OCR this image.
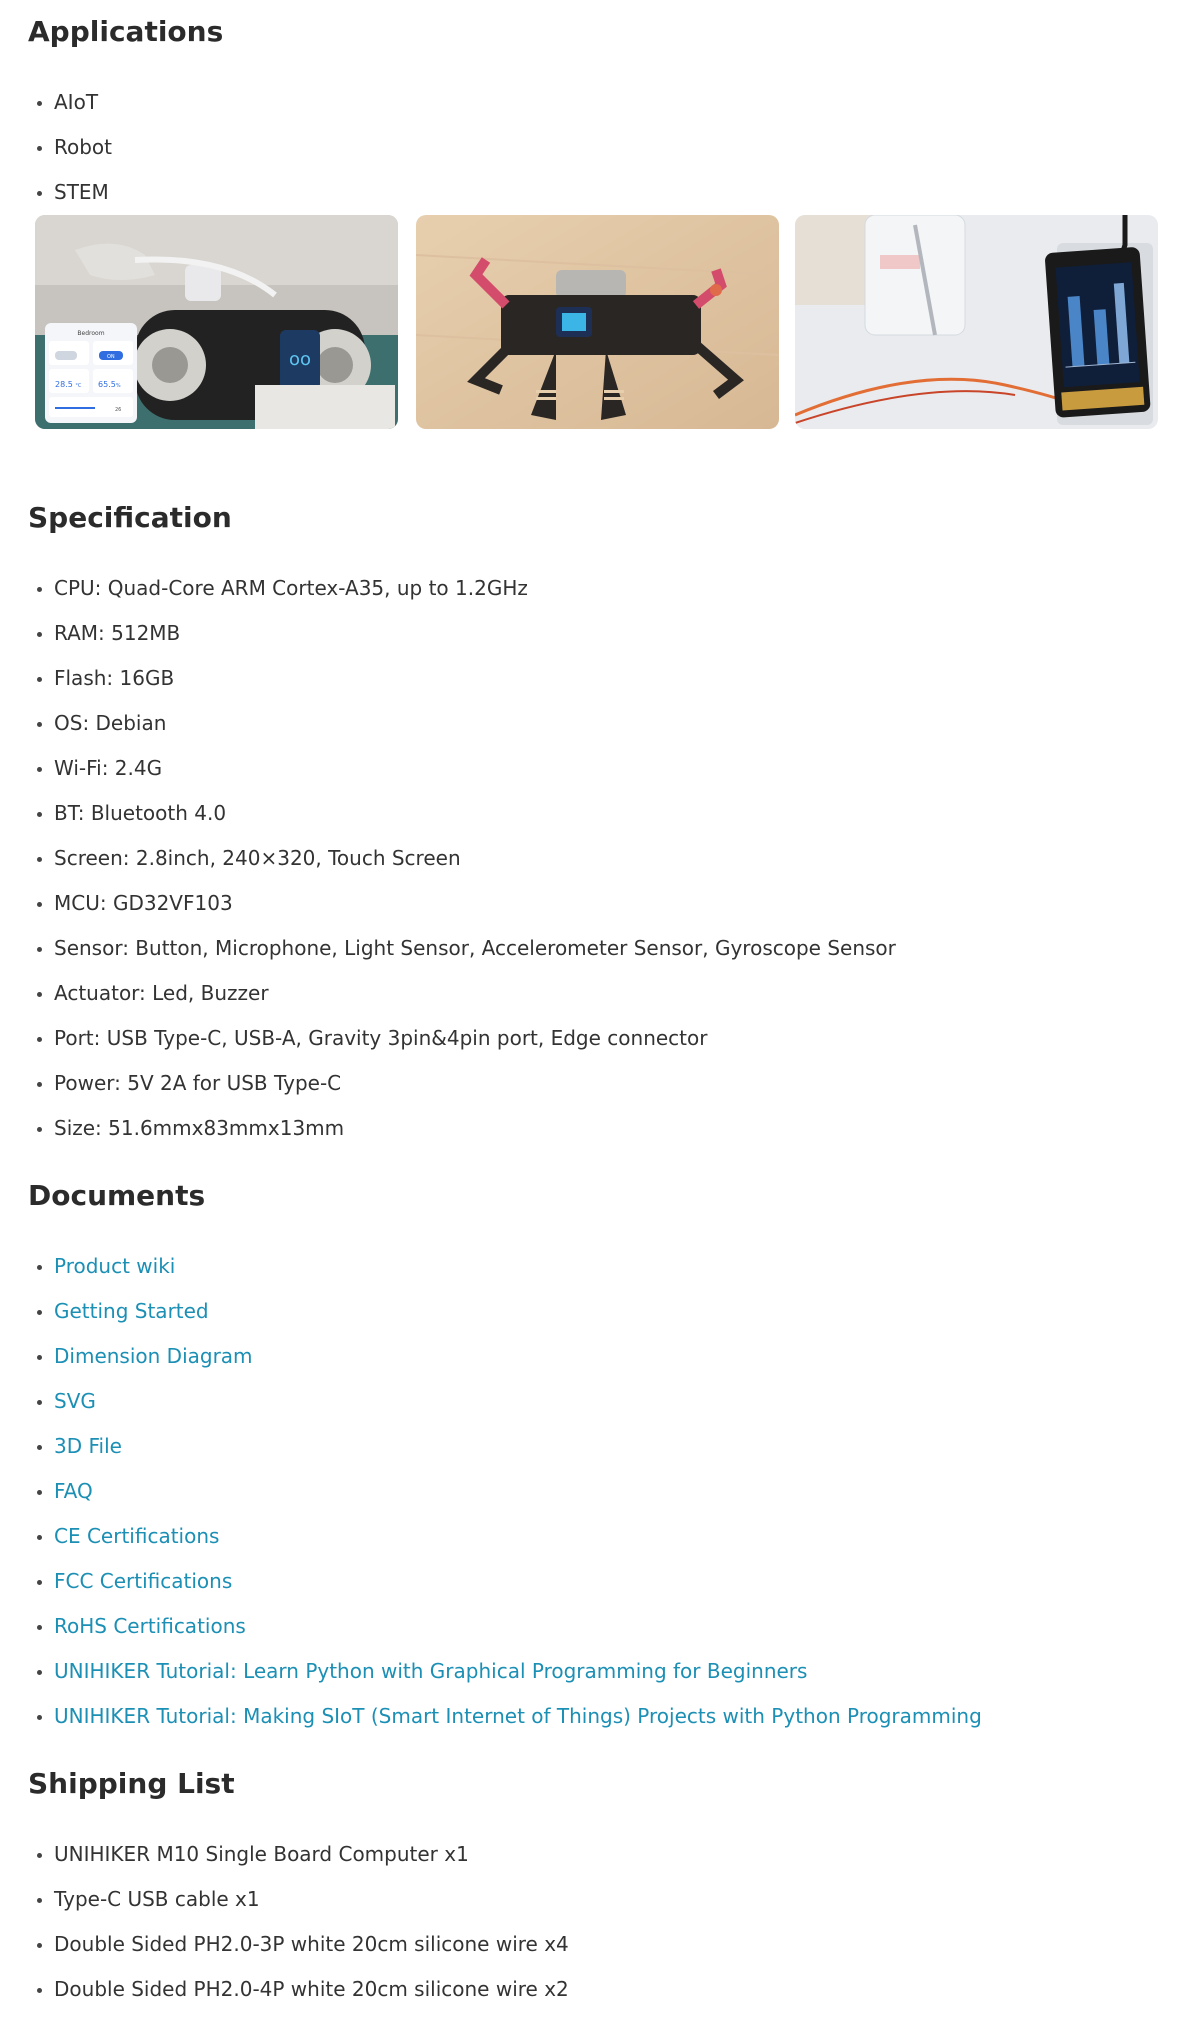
Applications
AIoT
Robot
STEM
oo
Bedroom
ON
28.5 °C 65.5%
26
Specification
CPU: Quad-Core ARM Cortex-A35, up to 1.2GHz
RAM: 512MB
Flash: 16GB
OS: Debian
Wi-Fi: 2.4G
BT: Bluetooth 4.0
Screen: 2.8inch, 240×320, Touch Screen
MCU: GD32VF103
Sensor: Button, Microphone, Light Sensor, Accelerometer Sensor, Gyroscope Sensor
Actuator: Led, Buzzer
Port: USB Type-C, USB-A, Gravity 3pin&4pin port, Edge connector
Power: 5V 2A for USB Type-C
Size: 51.6mmx83mmx13mm
Documents
Product wiki
Getting Started
Dimension Diagram
SVG
3D File
FAQ
CE Certifications
FCC Certifications
RoHS Certifications
UNIHIKER Tutorial: Learn Python with Graphical Programming for Beginners
UNIHIKER Tutorial: Making SIoT (Smart Internet of Things) Projects with Python Programming
Shipping List
UNIHIKER M10 Single Board Computer x1
Type-C USB cable x1
Double Sided PH2.0-3P white 20cm silicone wire x4
Double Sided PH2.0-4P white 20cm silicone wire x2
